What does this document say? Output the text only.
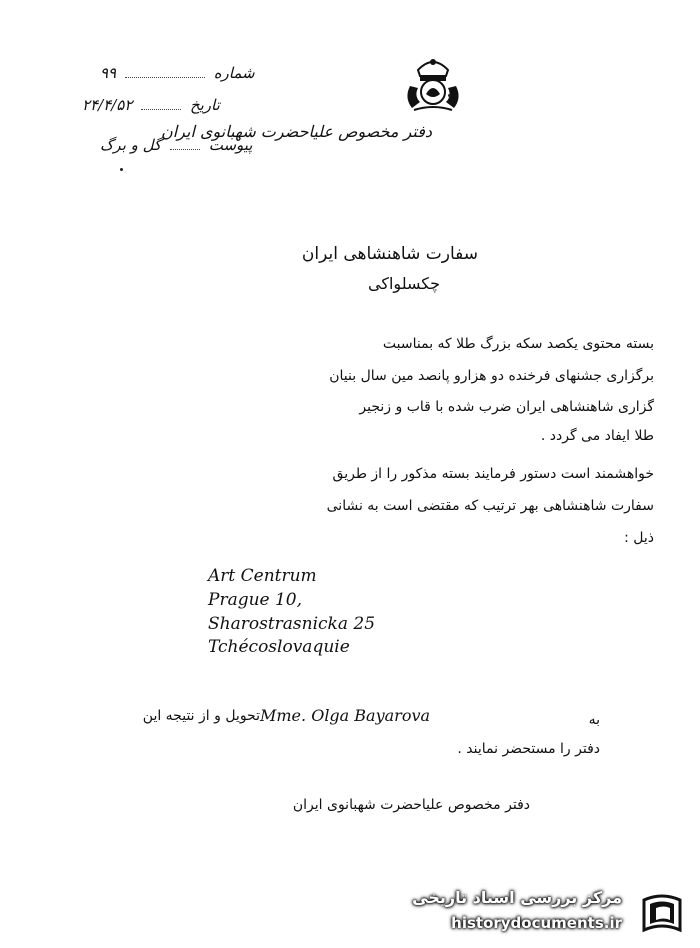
دفتر مخصوص علیاحضرت شهبانوی ایران
شماره  ۹۹
تاریخ  ۲۴/۴/۵۲
پیوست  گل و برگ
سفارت شاهنشاهی ایران
چکسلواکی
بسته محتوی یکصد سکه بزرگ طلا که بمناسبت
برگزاری جشنهای فرخنده دو هزارو پانصد مین سال بنیان
گزاری شاهنشاهی ایران ضرب شده با قاب و زنجیر
طلا ایفاد می گردد .
خواهشمند است دستور فرمایند بسته مذکور را از طریق
سفارت شاهنشاهی بهر ترتیب که مقتضی است به نشانی
ذیل :
Art Centrum
Prague 10,
Sharostrasnicka 25
Tchécoslovaquie
به
Mme. Olga Bayarova
تحویل و از نتیجه این
دفتر را مستحضر نمایند .
دفتر مخصوص علیاحضرت شهبانوی ایران
مرکز بررسی اسناد تاریخی
historydocuments.ir
